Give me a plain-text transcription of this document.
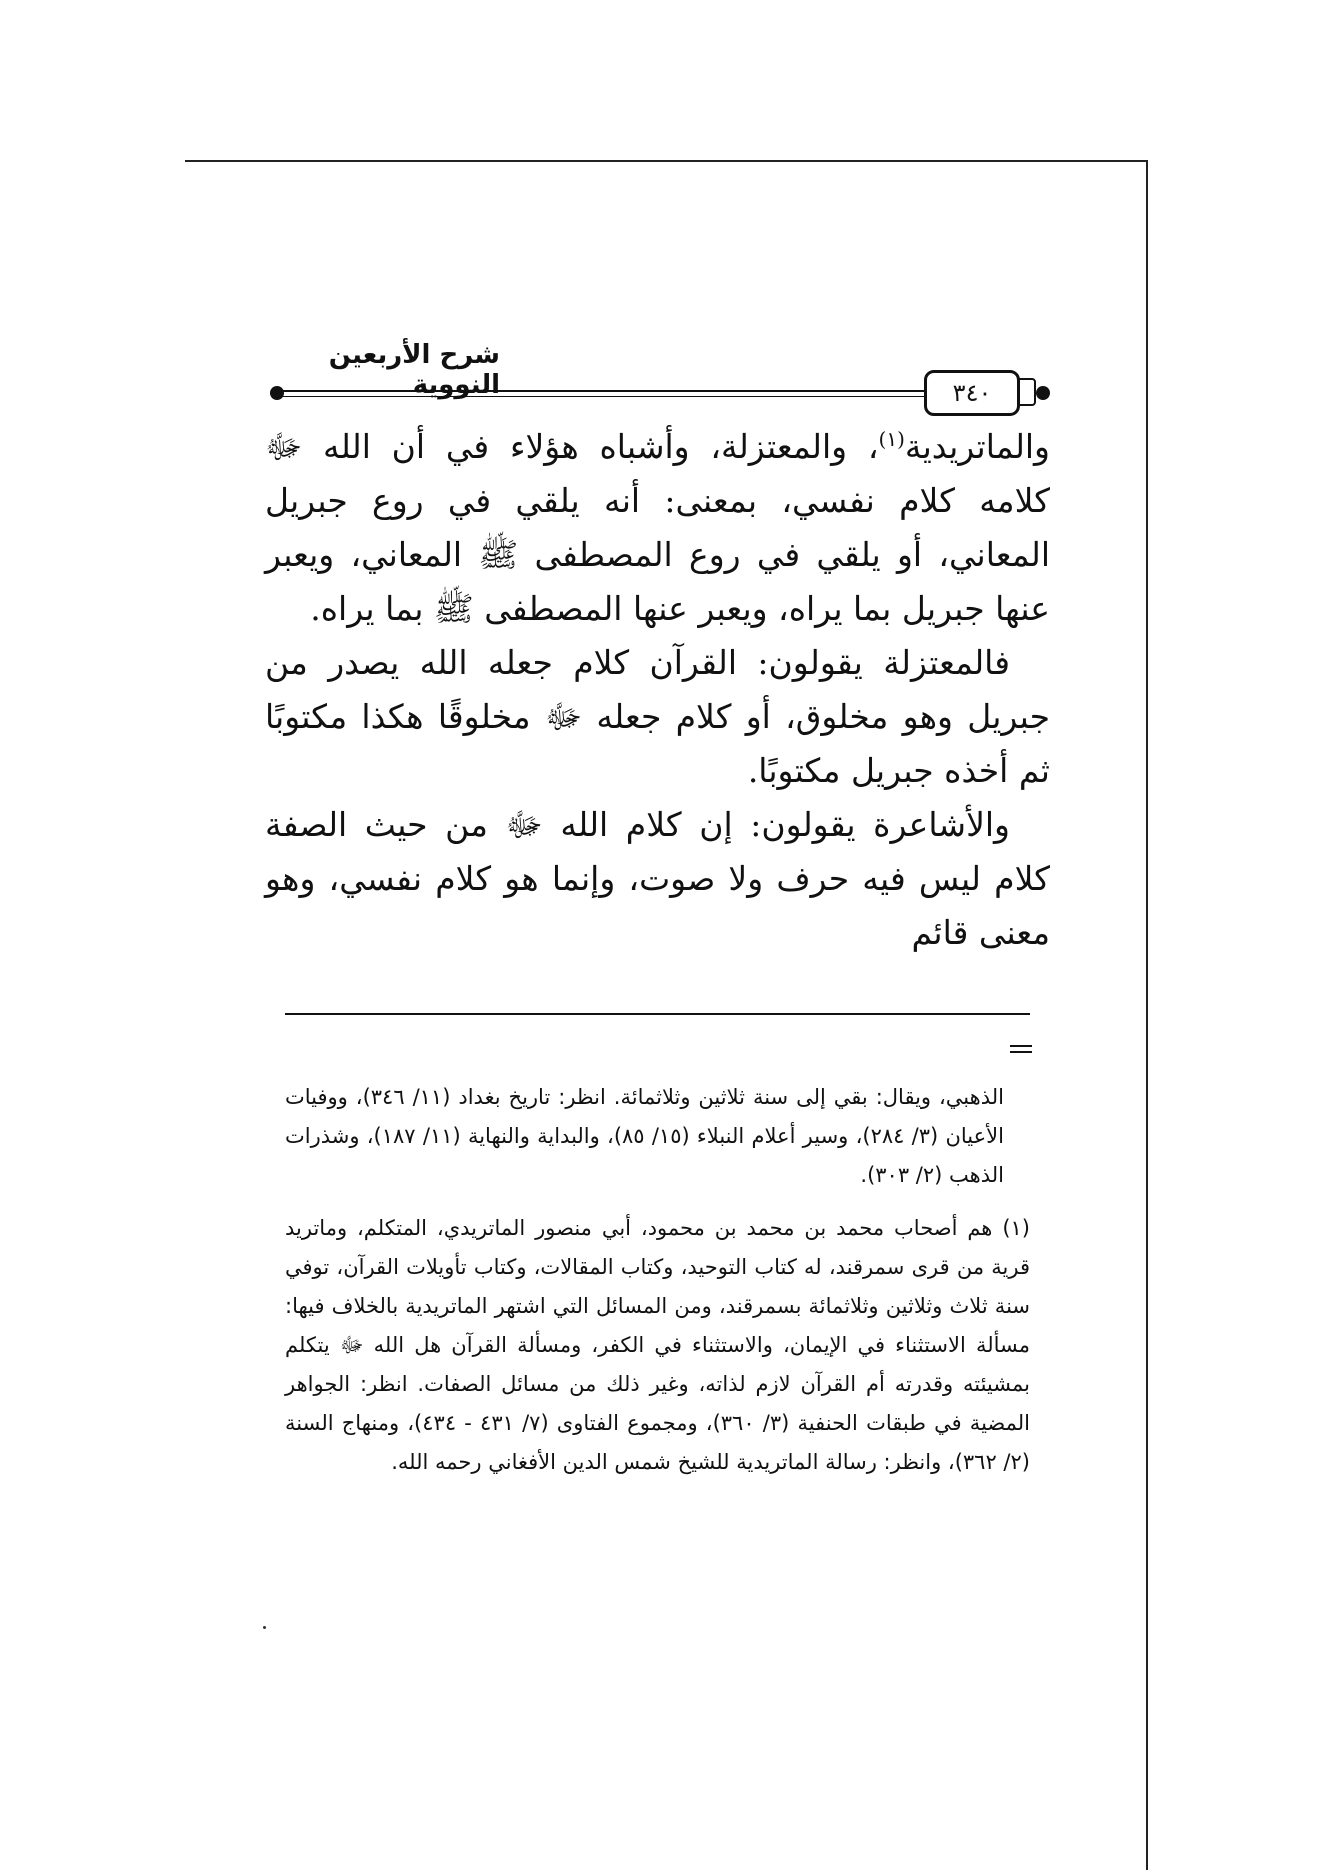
شرح الأربعين النووية	٣٤٠

والماتريدية$^{(١)}$، والمعتزلة، وأشباه هؤلاء في أن الله ﷻ كلامه كلام نفسي، بمعنى: أنه يلقي في روع جبريل المعاني، أو يلقي في روع المصطفى ﷺ المعاني، ويعبر عنها جبريل بما يراه، ويعبر عنها المصطفى ﷺ بما يراه.

فالمعتزلة يقولون: القرآن كلام جعله الله يصدر من جبريل وهو مخلوق، أو كلام جعله ﷻ مخلوقًا هكذا مكتوبًا ثم أخذه جبريل مكتوبًا.

والأشاعرة يقولون: إن كلام الله ﷻ من حيث الصفة كلام ليس فيه حرف ولا صوت، وإنما هو كلام نفسي، وهو معنى قائم

الذهبي، ويقال: بقي إلى سنة ثلاثين وثلاثمائة. انظر: تاريخ بغداد (١١/ ٣٤٦)، ووفيات الأعيان (٣/ ٢٨٤)، وسير أعلام النبلاء (١٥/ ٨٥)، والبداية والنهاية (١١/ ١٨٧)، وشذرات الذهب (٢/ ٣٠٣).

(١) هم أصحاب محمد بن محمد بن محمود، أبي منصور الماتريدي، المتكلم، وماتريد قرية من قرى سمرقند، له كتاب التوحيد، وكتاب المقالات، وكتاب تأويلات القرآن، توفي سنة ثلاث وثلاثين وثلاثمائة بسمرقند، ومن المسائل التي اشتهر الماتريدية بالخلاف فيها: مسألة الاستثناء في الإيمان، والاستثناء في الكفر، ومسألة القرآن هل الله ﷻ يتكلم بمشيئته وقدرته أم القرآن لازم لذاته، وغير ذلك من مسائل الصفات. انظر: الجواهر المضية في طبقات الحنفية (٣/ ٣٦٠)، ومجموع الفتاوى (٧/ ٤٣١ - ٤٣٤)، ومنهاج السنة (٢/ ٣٦٢)، وانظر: رسالة الماتريدية للشيخ شمس الدين الأفغاني رحمه الله.
